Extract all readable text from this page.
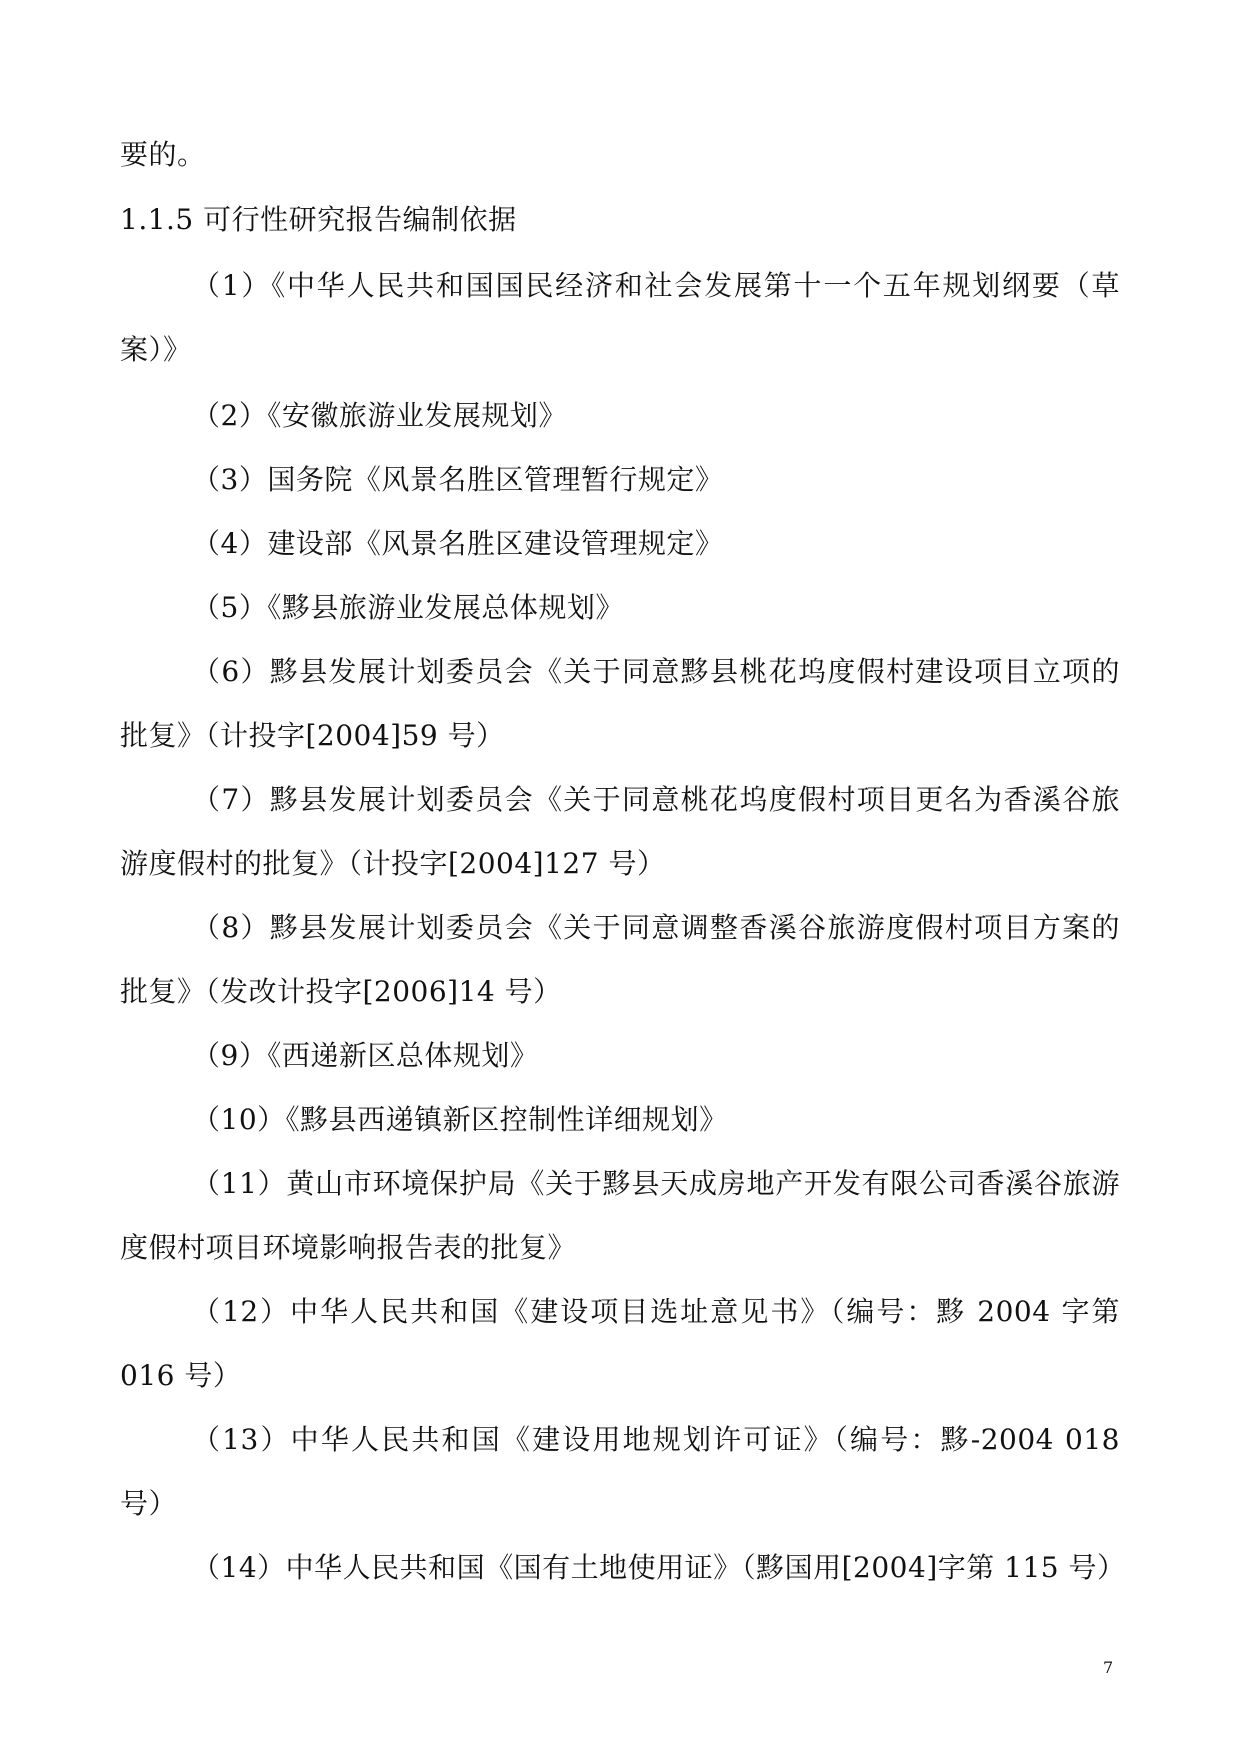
要的。
1.1.5 可行性研究报告编制依据
（1）《中华人民共和国国民经济和社会发展第十一个五年规划纲要（草案）》
（2）《安徽旅游业发展规划》
（3）国务院《风景名胜区管理暂行规定》
（4）建设部《风景名胜区建设管理规定》
（5）《黟县旅游业发展总体规划》
（6）黟县发展计划委员会《关于同意黟县桃花坞度假村建设项目立项的批复》（计投字[2004]59 号）
（7）黟县发展计划委员会《关于同意桃花坞度假村项目更名为香溪谷旅游度假村的批复》（计投字[2004]127 号）
（8）黟县发展计划委员会《关于同意调整香溪谷旅游度假村项目方案的批复》（发改计投字[2006]14 号）
（9）《西递新区总体规划》
（10）《黟县西递镇新区控制性详细规划》
（11）黄山市环境保护局《关于黟县天成房地产开发有限公司香溪谷旅游度假村项目环境影响报告表的批复》
（12）中华人民共和国《建设项目选址意见书》（编号：黟 2004 字第 016 号）
（13）中华人民共和国《建设用地规划许可证》（编号：黟-2004 018 号）
（14）中华人民共和国《国有土地使用证》（黟国用[2004]字第 115 号）
7
